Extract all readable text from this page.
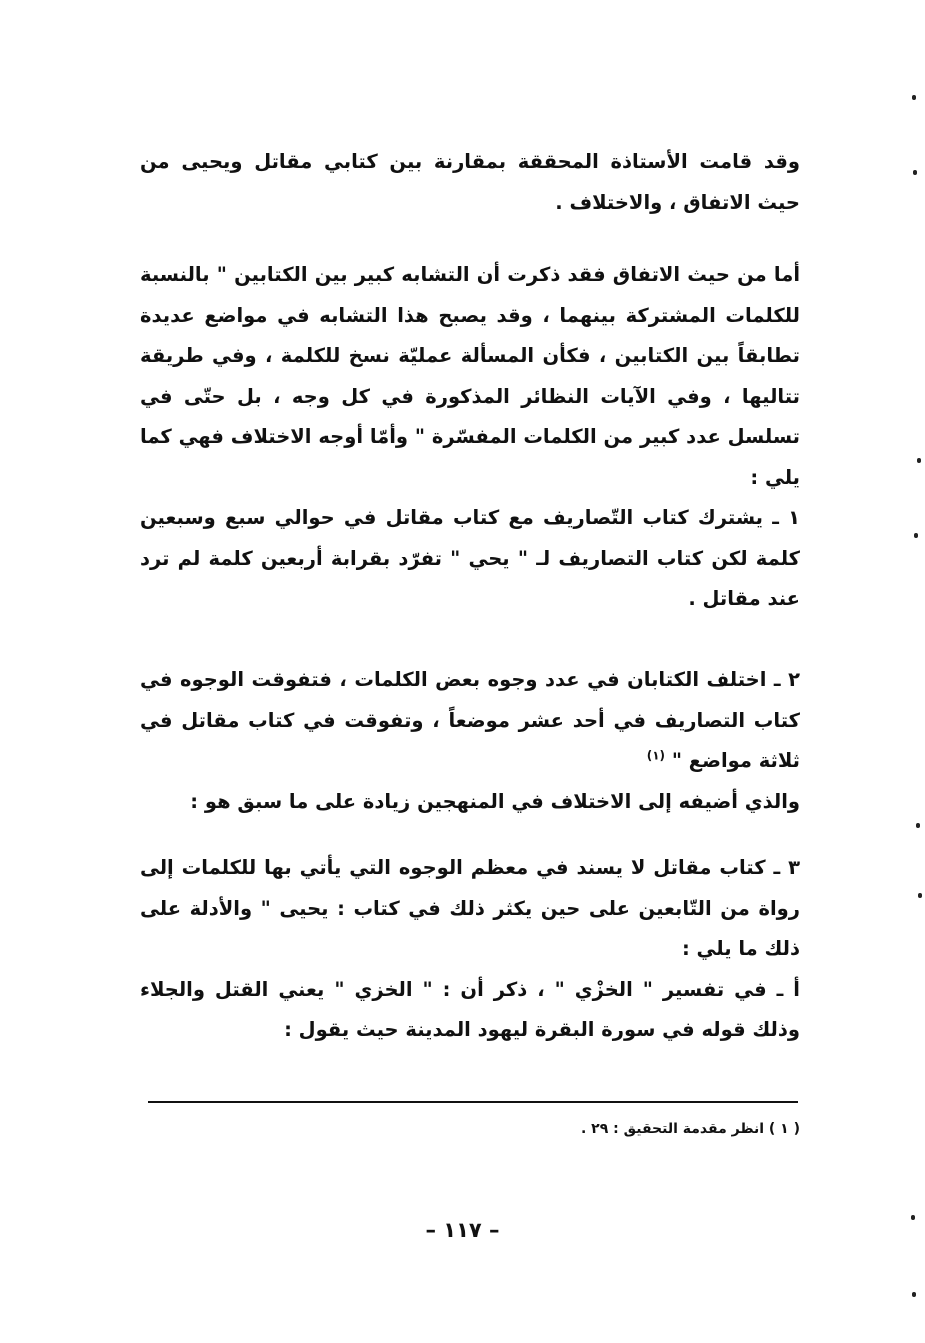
وقد قامت الأستاذة المحققة بمقارنة بين كتابي مقاتل ويحيى من حيث الاتفاق ، والاختلاف .

أما من حيث الاتفاق فقد ذكرت أن التشابه كبير بين الكتابين " بالنسبة للكلمات المشتركة بينهما ، وقد يصبح هذا التشابه في مواضع عديدة تطابقاً بين الكتابين ، فكأن المسألة عمليّة نسخ للكلمة ، وفي طريقة تتاليها ، وفي الآيات النظائر المذكورة في كل وجه ، بل حتّى في تسلسل عدد كبير من الكلمات المفسّرة " وأمّا أوجه الاختلاف فهي كما يلي :

١ ـ يشترك كتاب التّصاريف مع كتاب مقاتل في حوالي سبع وسبعين كلمة لكن كتاب التصاريف لـ " يحي " تفرّد بقرابة أربعين كلمة لم ترد عند مقاتل .

٢ ـ اختلف الكتابان في عدد وجوه بعض الكلمات ، فتفوقت الوجوه في كتاب التصاريف في أحد عشر موضعاً ، وتفوقت في كتاب مقاتل في ثلاثة مواضع " $^{(١)}$

والذي أضيفه إلى الاختلاف في المنهجين زيادة على ما سبق هو :

٣ ـ كتاب مقاتل لا يسند في معظم الوجوه التي يأتي بها للكلمات إلى رواة من التّابعين على حين يكثر ذلك في كتاب : يحيى " والأدلة على ذلك ما يلي :

أ ـ في تفسير " الخزْي " ، ذكر أن : " الخزي " يعني القتل والجلاء وذلك قوله في سورة البقرة ليهود المدينة حيث يقول :

( ١ ) انظر مقدمة التحقيق : ٢٩ .
– ١١٧ –
